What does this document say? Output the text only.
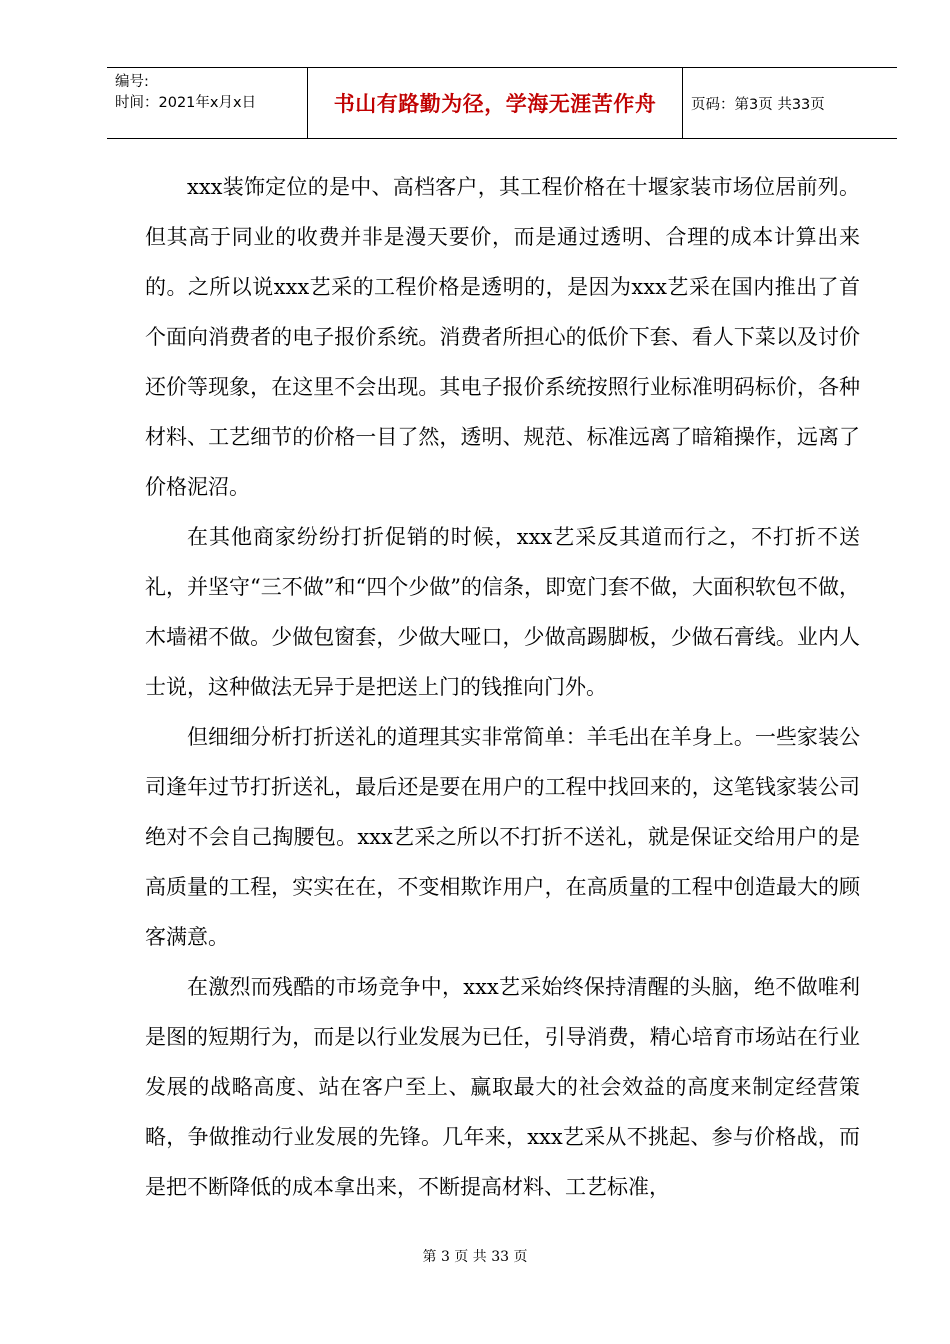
编号:
时间：2021年x月x日	书山有路勤为径，学海无涯苦作舟	页码：第3页 共33页

xxx装饰定位的是中、高档客户，其工程价格在十堰家装市场位居前列。但其高于同业的收费并非是漫天要价，而是通过透明、合理的成本计算出来的。之所以说xxx艺采的工程价格是透明的，是因为xxx艺采在国内推出了首个面向消费者的电子报价系统。消费者所担心的低价下套、看人下菜以及讨价还价等现象，在这里不会出现。其电子报价系统按照行业标准明码标价，各种材料、工艺细节的价格一目了然，透明、规范、标准远离了暗箱操作，远离了价格泥沼。

在其他商家纷纷打折促销的时候，xxx艺采反其道而行之，不打折不送礼，并坚守“三不做”和“四个少做”的信条，即宽门套不做，大面积软包不做，木墙裙不做。少做包窗套，少做大哑口，少做高踢脚板，少做石膏线。业内人士说，这种做法无异于是把送上门的钱推向门外。

但细细分析打折送礼的道理其实非常简单：羊毛出在羊身上。一些家装公司逢年过节打折送礼，最后还是要在用户的工程中找回来的，这笔钱家装公司绝对不会自己掏腰包。xxx艺采之所以不打折不送礼，就是保证交给用户的是高质量的工程，实实在在，不变相欺诈用户，在高质量的工程中创造最大的顾客满意。

在激烈而残酷的市场竞争中，xxx艺采始终保持清醒的头脑，绝不做唯利是图的短期行为，而是以行业发展为已任，引导消费，精心培育市场站在行业发展的战略高度、站在客户至上、赢取最大的社会效益的高度来制定经营策略，争做推动行业发展的先锋。几年来，xxx艺采从不挑起、参与价格战，而是把不断降低的成本拿出来，不断提高材料、工艺标准，

第 3 页 共 33 页
